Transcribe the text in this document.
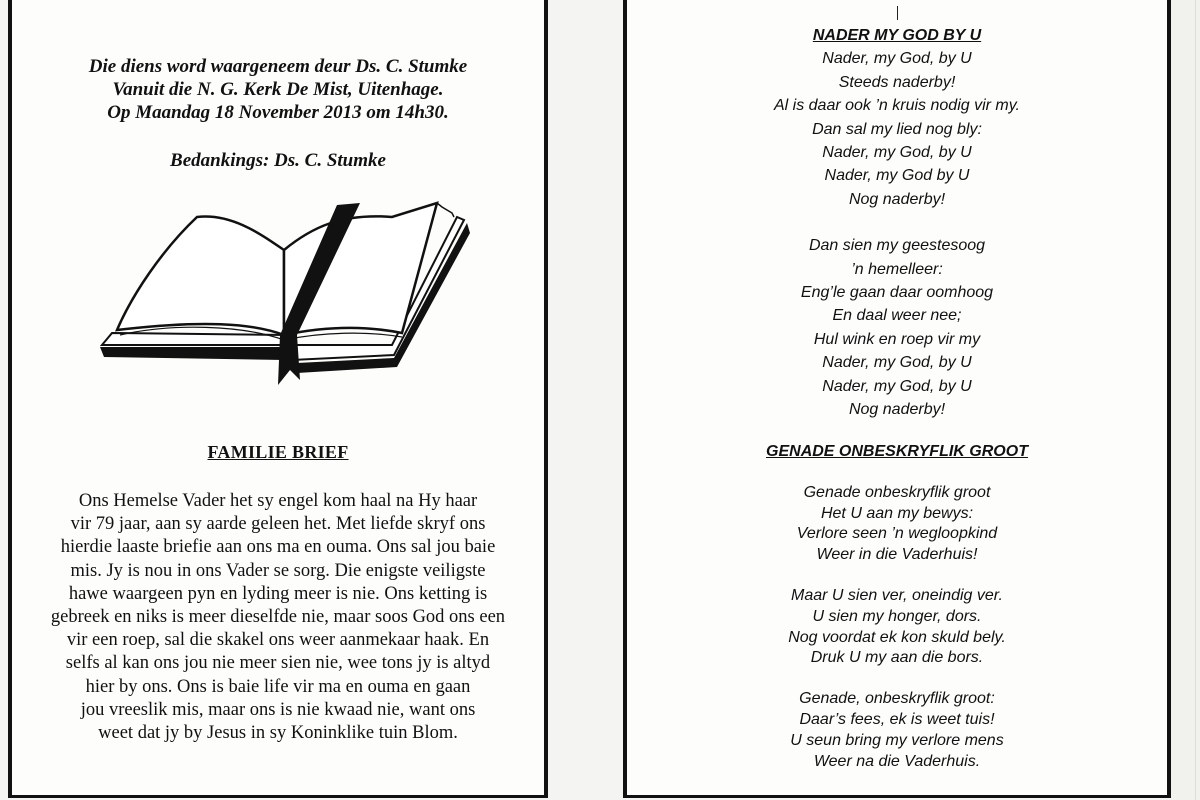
Die diens word waargeneem deur Ds. C. Stumke
Vanuit die N. G. Kerk De Mist, Uitenhage.
Op Maandag 18 November 2013 om 14h30.
Bedankings: Ds. C. Stumke
FAMILIE BRIEF
Ons Hemelse Vader het sy engel kom haal na Hy haar
vir 79 jaar, aan sy aarde geleen het. Met liefde skryf ons
hierdie laaste briefie aan ons ma en ouma. Ons sal jou baie
mis. Jy is nou in ons Vader se sorg. Die enigste veiligste
hawe waargeen pyn en lyding meer is nie. Ons ketting is
gebreek en niks is meer dieselfde nie, maar soos God ons een
vir een roep, sal die skakel ons weer aanmekaar haak. En
selfs al kan ons jou nie meer sien nie, wee tons jy is altyd
hier by ons. Ons is baie life vir ma en ouma en gaan
jou vreeslik mis, maar ons is nie kwaad nie, want ons
weet dat jy by Jesus in sy Koninklike tuin Blom.
NADER MY GOD BY U
Nader, my God, by U
Steeds naderby!
Al is daar ook ’n kruis nodig vir my.
Dan sal my lied nog bly:
Nader, my God, by U
Nader, my God by U
Nog naderby!
Dan sien my geestesoog
’n hemelleer:
Eng’le gaan daar oomhoog
En daal weer nee;
Hul wink en roep vir my
Nader, my God, by U
Nader, my God, by U
Nog naderby!
GENADE ONBESKRYFLIK GROOT
Genade onbeskryflik groot
Het U aan my bewys:
Verlore seen ’n wegloopkind
Weer in die Vaderhuis!
Maar U sien ver, oneindig ver.
U sien my honger, dors.
Nog voordat ek kon skuld bely.
Druk U my aan die bors.
Genade, onbeskryflik groot:
Daar’s fees, ek is weet tuis!
U seun bring my verlore mens
Weer na die Vaderhuis.
